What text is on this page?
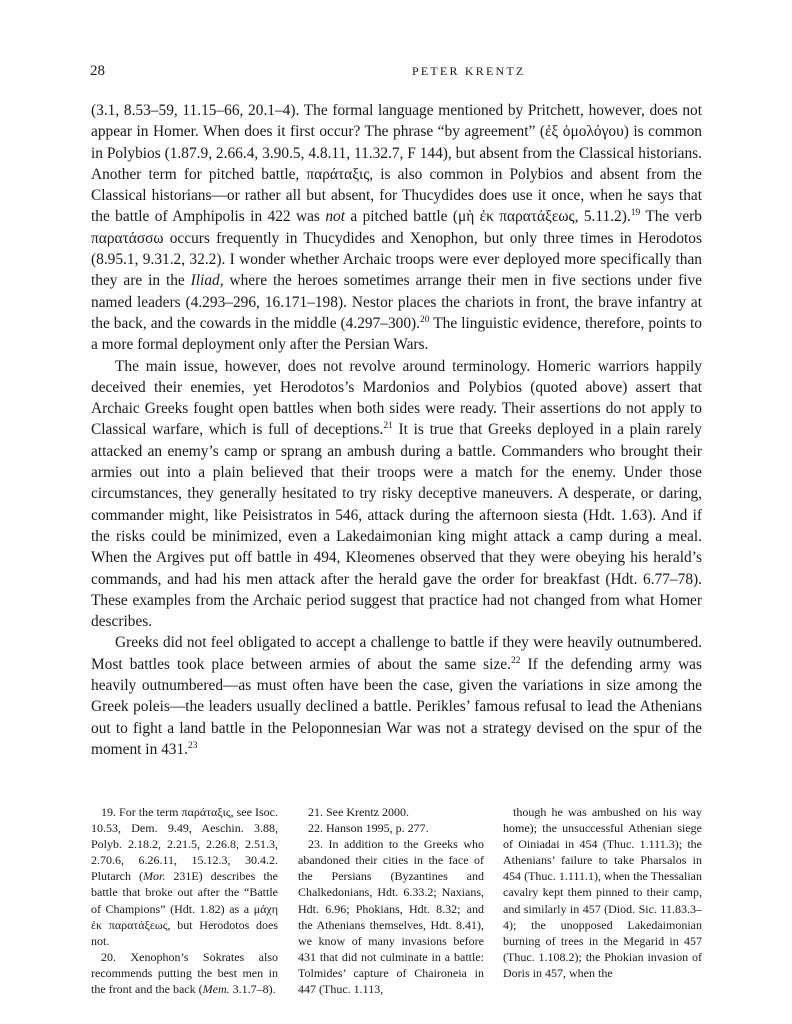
28	PETER KRENTZ

(3.1, 8.53–59, 11.15–66, 20.1–4). The formal language mentioned by Pritchett, however, does not appear in Homer. When does it first occur? The phrase “by agreement” (ἐξ ὁμολόγου) is common in Polybios (1.87.9, 2.66.4, 3.90.5, 4.8.11, 11.32.7, F 144), but absent from the Classical historians. Another term for pitched battle, παράταξις, is also common in Polybios and absent from the Classical historians—or rather all but absent, for Thucydides does use it once, when he says that the battle of Amphipolis in 422 was not a pitched battle (μὴ ἐκ παρατάξεως, 5.11.2).$^{19}$ The verb παρατάσσω occurs frequently in Thucydides and Xenophon, but only three times in Herodotos (8.95.1, 9.31.2, 32.2). I wonder whether Archaic troops were ever deployed more specifically than they are in the Iliad, where the heroes sometimes arrange their men in five sections under five named leaders (4.293–296, 16.171–198). Nestor places the chariots in front, the brave infantry at the back, and the cowards in the middle (4.297–300).$^{20}$ The linguistic evidence, therefore, points to a more formal deployment only after the Persian Wars.

The main issue, however, does not revolve around terminology. Homeric warriors happily deceived their enemies, yet Herodotos’s Mardonios and Polybios (quoted above) assert that Archaic Greeks fought open battles when both sides were ready. Their assertions do not apply to Classical warfare, which is full of deceptions.$^{21}$ It is true that Greeks deployed in a plain rarely attacked an enemy’s camp or sprang an ambush during a battle. Commanders who brought their armies out into a plain believed that their troops were a match for the enemy. Under those circumstances, they generally hesitated to try risky deceptive maneuvers. A desperate, or daring, commander might, like Peisistratos in 546, attack during the afternoon siesta (Hdt. 1.63). And if the risks could be minimized, even a Lakedaimonian king might attack a camp during a meal. When the Argives put off battle in 494, Kleomenes observed that they were obeying his herald’s commands, and had his men attack after the herald gave the order for breakfast (Hdt. 6.77–78). These examples from the Archaic period suggest that practice had not changed from what Homer describes.

Greeks did not feel obligated to accept a challenge to battle if they were heavily outnumbered. Most battles took place between armies of about the same size.$^{22}$ If the defending army was heavily outnumbered—as must often have been the case, given the variations in size among the Greek poleis—the leaders usually declined a battle. Perikles’ famous refusal to lead the Athenians out to fight a land battle in the Peloponnesian War was not a strategy devised on the spur of the moment in 431.23

19. For the term παράταξις, see Isoc. 10.53, Dem. 9.49, Aeschin. 3.88, Polyb. 2.18.2, 2.21.5, 2.26.8, 2.51.3, 2.70.6, 6.26.11, 15.12.3, 30.4.2. Plutarch (Mor. 231E) describes the battle that broke out after the “Battle of Champions” (Hdt. 1.82) as a μάχη ἐκ παρατάξεως, but Herodotos does not.

20. Xenophon’s Sokrates also recommends putting the best men in the front and the back (Mem. 3.1.7–8).

21. See Krentz 2000.

22. Hanson 1995, p. 277.

23. In addition to the Greeks who abandoned their cities in the face of the Persians (Byzantines and Chalkedonians, Hdt. 6.33.2; Naxians, Hdt. 6.96; Phokians, Hdt. 8.32; and the Athenians themselves, Hdt. 8.41), we know of many invasions before 431 that did not culminate in a battle: Tolmides’ capture of Chaironeia in 447 (Thuc. 1.113,

though he was ambushed on his way home); the unsuccessful Athenian siege of Oiniadai in 454 (Thuc. 1.111.3); the Athenians’ failure to take Pharsalos in 454 (Thuc. 1.111.1), when the Thessalian cavalry kept them pinned to their camp, and similarly in 457 (Diod. Sic. 11.83.3–4); the unopposed Lakedaimonian burning of trees in the Megarid in 457 (Thuc. 1.108.2); the Phokian invasion of Doris in 457, when the
